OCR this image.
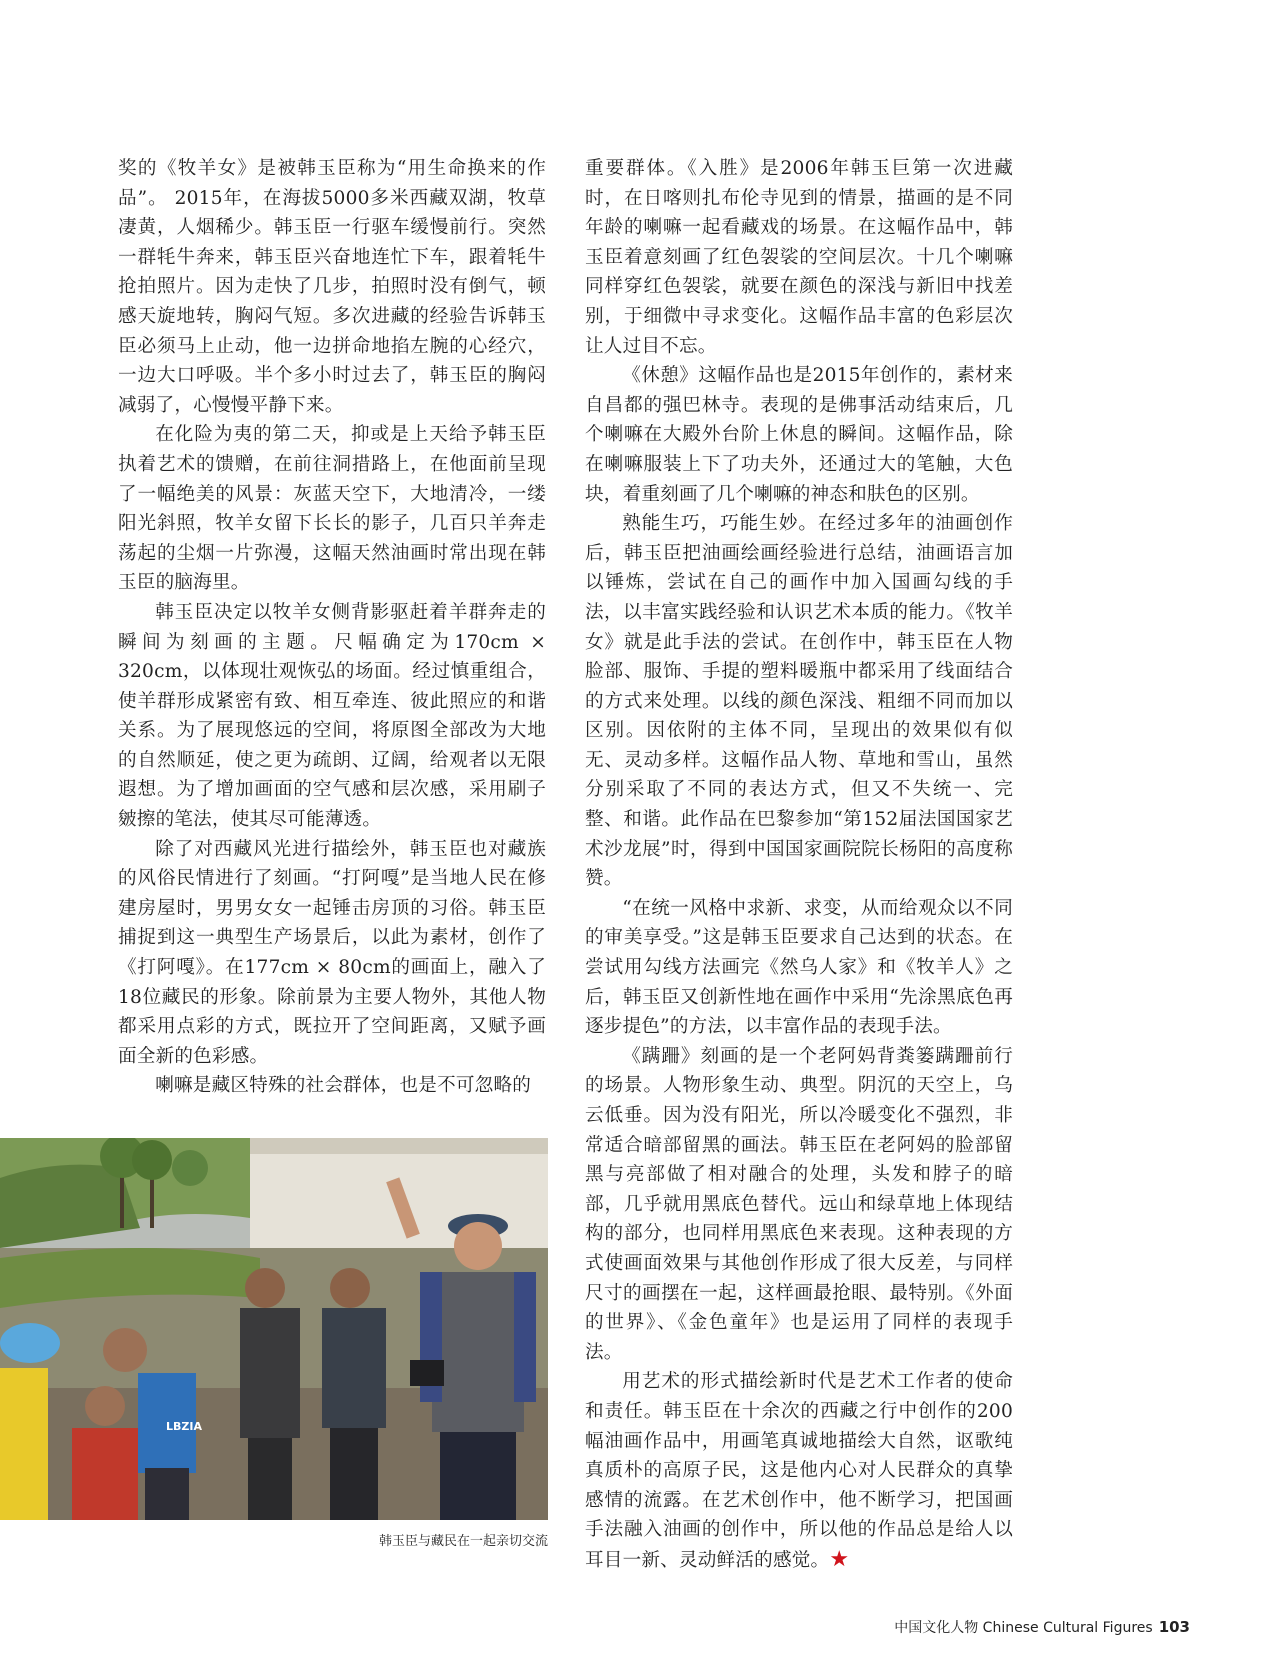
奖的《牧羊女》是被韩玉臣称为“用生命换来的作品”。 2015年，在海拔5000多米西藏双湖，牧草凄黄，人烟稀少。韩玉臣一行驱车缓慢前行。突然一群牦牛奔来，韩玉臣兴奋地连忙下车，跟着牦牛抢拍照片。因为走快了几步，拍照时没有倒气，顿感天旋地转，胸闷气短。多次进藏的经验告诉韩玉臣必须马上止动，他一边拼命地掐左腕的心经穴，一边大口呼吸。半个多小时过去了，韩玉臣的胸闷减弱了，心慢慢平静下来。

在化险为夷的第二天，抑或是上天给予韩玉臣执着艺术的馈赠，在前往洞措路上，在他面前呈现了一幅绝美的风景：灰蓝天空下，大地清冷，一缕阳光斜照，牧羊女留下长长的影子，几百只羊奔走荡起的尘烟一片弥漫，这幅天然油画时常出现在韩玉臣的脑海里。

韩玉臣决定以牧羊女侧背影驱赶着羊群奔走的瞬间为刻画的主题。尺幅确定为170cm × 320cm，以体现壮观恢弘的场面。经过慎重组合，使羊群形成紧密有致、相互牵连、彼此照应的和谐关系。为了展现悠远的空间，将原图全部改为大地的自然顺延，使之更为疏朗、辽阔，给观者以无限遐想。为了增加画面的空气感和层次感，采用刷子皴擦的笔法，使其尽可能薄透。

除了对西藏风光进行描绘外，韩玉臣也对藏族的风俗民情进行了刻画。“打阿嘎”是当地人民在修建房屋时，男男女女一起锤击房顶的习俗。韩玉臣捕捉到这一典型生产场景后，以此为素材，创作了《打阿嘎》。在177cm × 80cm的画面上，融入了18位藏民的形象。除前景为主要人物外，其他人物都采用点彩的方式，既拉开了空间距离，又赋予画面全新的色彩感。

喇嘛是藏区特殊的社会群体，也是不可忽略的

重要群体。《入胜》是2006年韩玉巨第一次进藏时，在日喀则扎布伦寺见到的情景，描画的是不同年龄的喇嘛一起看藏戏的场景。在这幅作品中，韩玉臣着意刻画了红色袈裟的空间层次。十几个喇嘛同样穿红色袈裟，就要在颜色的深浅与新旧中找差别，于细微中寻求变化。这幅作品丰富的色彩层次让人过目不忘。

《休憩》这幅作品也是2015年创作的，素材来自昌都的强巴林寺。表现的是佛事活动结束后，几个喇嘛在大殿外台阶上休息的瞬间。这幅作品，除在喇嘛服装上下了功夫外，还通过大的笔触，大色块，着重刻画了几个喇嘛的神态和肤色的区别。

熟能生巧，巧能生妙。在经过多年的油画创作后，韩玉臣把油画绘画经验进行总结，油画语言加以锤炼，尝试在自己的画作中加入国画勾线的手法，以丰富实践经验和认识艺术本质的能力。《牧羊女》就是此手法的尝试。在创作中，韩玉臣在人物脸部、服饰、手提的塑料暖瓶中都采用了线面结合的方式来处理。以线的颜色深浅、粗细不同而加以区别。因依附的主体不同，呈现出的效果似有似无、灵动多样。这幅作品人物、草地和雪山，虽然分别采取了不同的表达方式，但又不失统一、完整、和谐。此作品在巴黎参加“第152届法国国家艺术沙龙展”时，得到中国国家画院院长杨阳的高度称赞。

“在统一风格中求新、求变，从而给观众以不同的审美享受。”这是韩玉臣要求自己达到的状态。在尝试用勾线方法画完《然乌人家》和《牧羊人》之后，韩玉臣又创新性地在画作中采用“先涂黑底色再逐步提色”的方法，以丰富作品的表现手法。

《蹒跚》刻画的是一个老阿妈背粪篓蹒跚前行的场景。人物形象生动、典型。阴沉的天空上，乌云低垂。因为没有阳光，所以冷暖变化不强烈，非常适合暗部留黑的画法。韩玉臣在老阿妈的脸部留黑与亮部做了相对融合的处理，头发和脖子的暗部，几乎就用黑底色替代。远山和绿草地上体现结构的部分，也同样用黑底色来表现。这种表现的方式使画面效果与其他创作形成了很大反差，与同样尺寸的画摆在一起，这样画最抢眼、最特别。《外面的世界》、《金色童年》也是运用了同样的表现手法。

用艺术的形式描绘新时代是艺术工作者的使命和责任。韩玉臣在十余次的西藏之行中创作的200幅油画作品中，用画笔真诚地描绘大自然，讴歌纯真质朴的高原子民，这是他内心对人民群众的真挚感情的流露。在艺术创作中，他不断学习，把国画手法融入油画的创作中，所以他的作品总是给人以耳目一新、灵动鲜活的感觉。★

LBZIA
韩玉臣与藏民在一起亲切交流
中国文化人物 Chinese Cultural Figures 103
